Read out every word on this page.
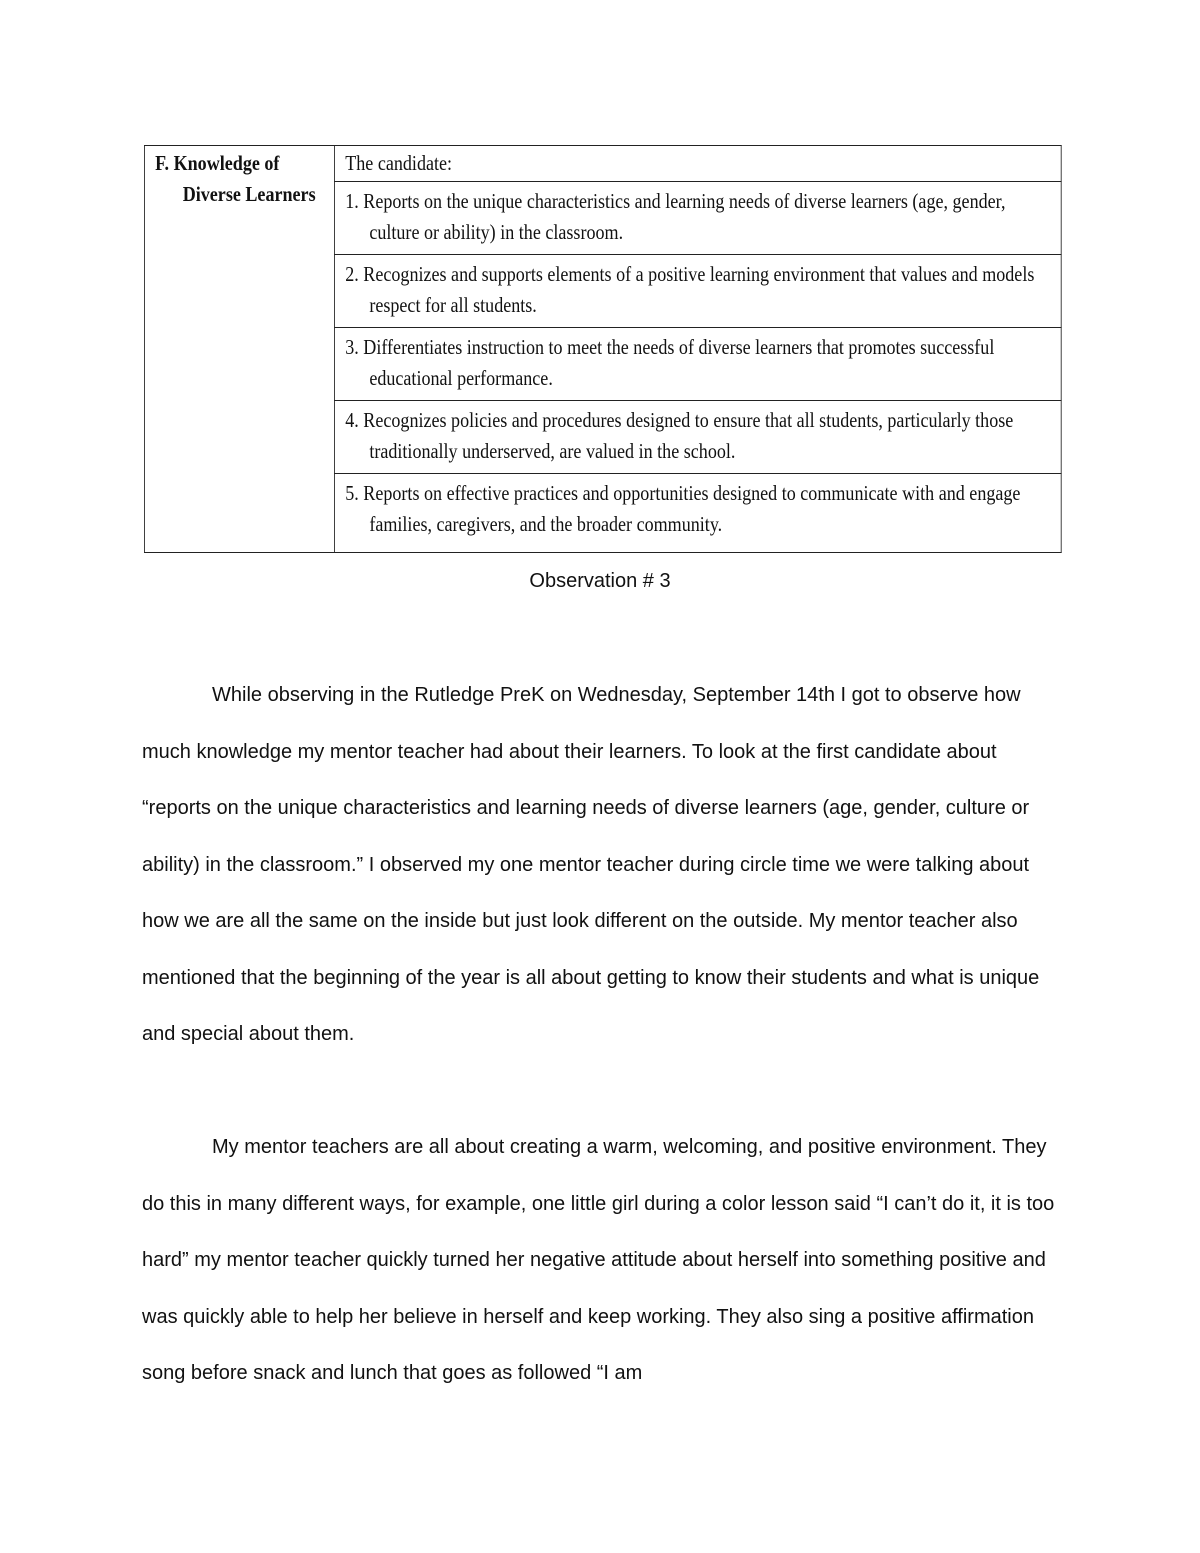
F. Knowledge of
Diverse Learners
	The candidate:
1. Reports on the unique characteristics and learning needs of diverse learners (age, gender, culture or ability) in the classroom.
2. Recognizes and supports elements of a positive learning environment that values and models respect for all students.
3. Differentiates instruction to meet the needs of diverse learners that promotes successful educational performance.
4. Recognizes policies and procedures designed to ensure that all students, particularly those traditionally underserved, are valued in the school.
5. Reports on effective practices and opportunities designed to communicate with and engage families, caregivers, and the broader community.
Observation # 3

While observing in the Rutledge PreK on Wednesday, September 14th I got to observe how much knowledge my mentor teacher had about their learners. To look at the first candidate about “reports on the unique characteristics and learning needs of diverse learners (age, gender, culture or ability) in the classroom.” I observed my one mentor teacher during circle time we were talking about how we are all the same on the inside but just look different on the outside. My mentor teacher also mentioned that the beginning of the year is all about getting to know their students and what is unique and special about them.

My mentor teachers are all about creating a warm, welcoming, and positive environment. They do this in many different ways, for example, one little girl during a color lesson said “I can’t do it, it is too hard” my mentor teacher quickly turned her negative attitude about herself into something positive and was quickly able to help her believe in herself and keep working. They also sing a positive affirmation song before snack and lunch that goes as followed “I am
